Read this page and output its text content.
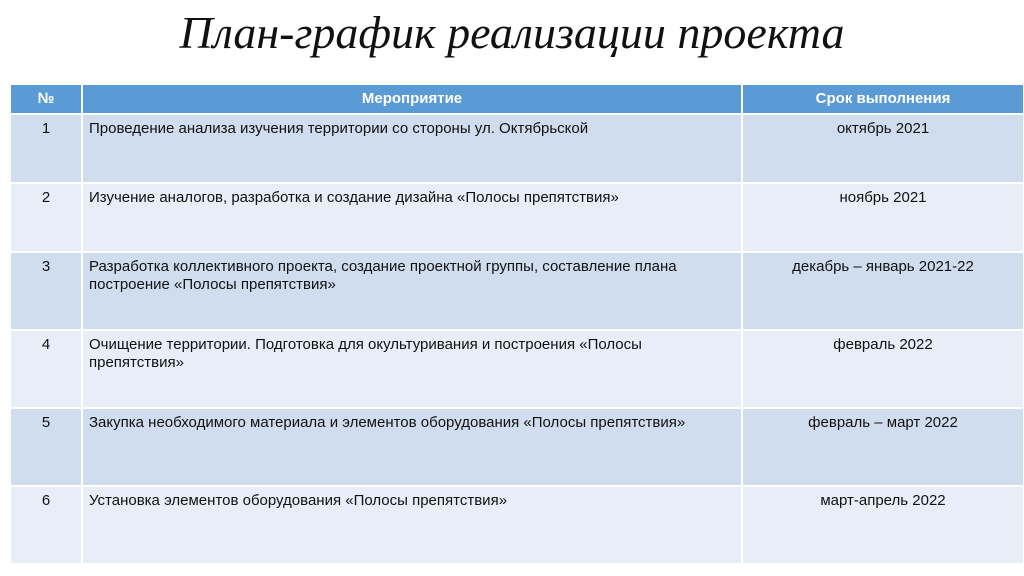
План-график реализации проекта
№	Мероприятие	Срок выполнения
1	Проведение анализа изучения территории со стороны ул. Октябрьской	октябрь 2021
2	Изучение аналогов, разработка и создание дизайна «Полосы препятствия»	ноябрь 2021
3	Разработка коллективного проекта, создание проектной группы, составление плана построение «Полосы препятствия»	декабрь – январь 2021-22
4	Очищение территории. Подготовка для окультуривания и построения «Полосы препятствия»	февраль 2022
5	Закупка необходимого материала и элементов оборудования «Полосы препятствия»	февраль – март 2022
6	Установка элементов оборудования «Полосы препятствия»	март-апрель 2022
